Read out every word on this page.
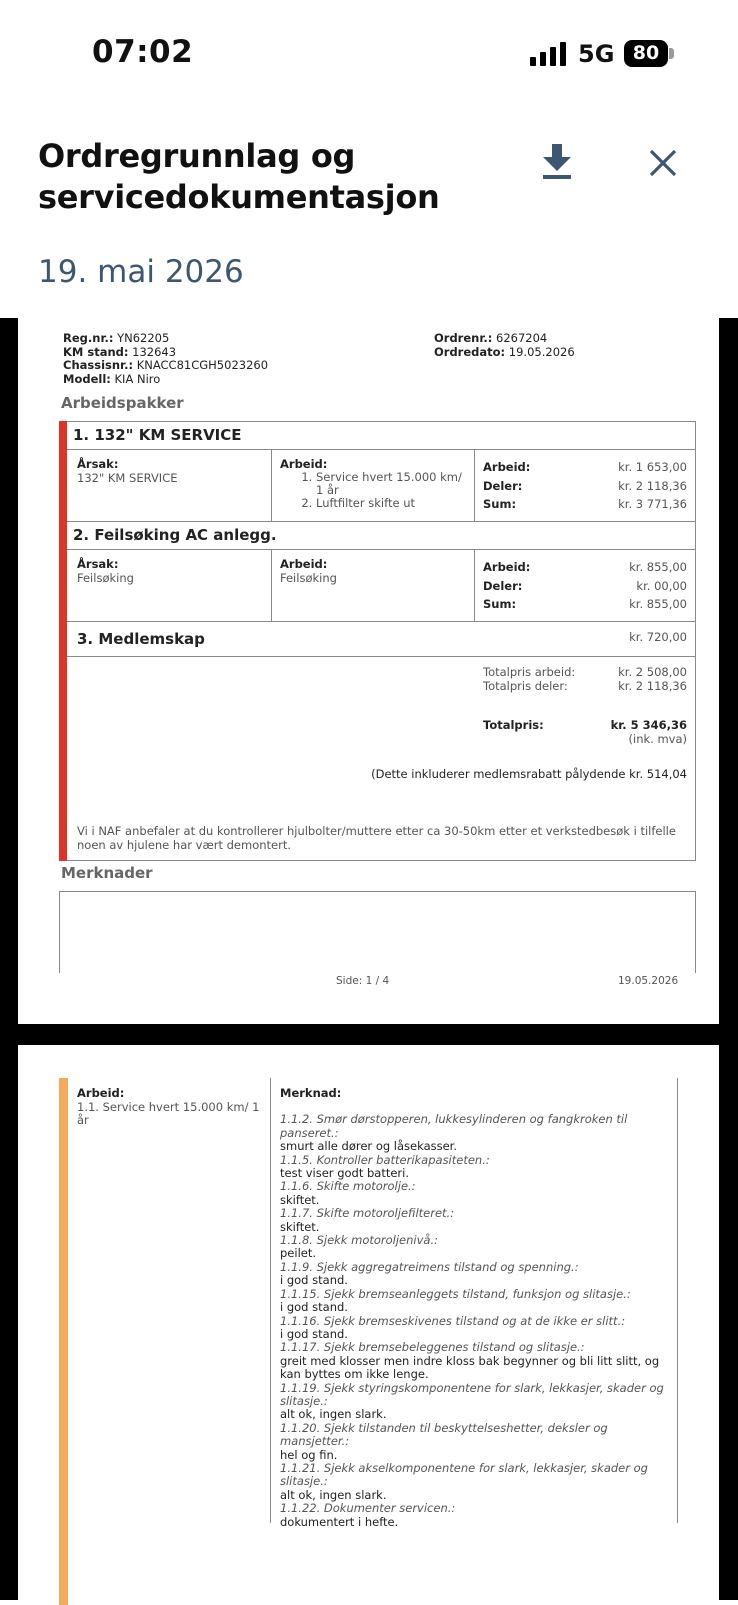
07:02	5G 80
Ordregrunnlag og servicedokumentasjon
19. mai 2026
Reg.nr.: YN62205
KM stand: 132643
Chassisnr.: KNACC81CGH5023260
Modell: KIA Niro
Ordrenr.: 6267204
Ordredato: 19.05.2026
Arbeidspakker
1. 132" KM SERVICE
Årsak:
132" KM SERVICE
Arbeid:
1. Service hvert 15.000 km/ 1 år
2. Luftfilter skifte ut
Arbeid:	kr. 1 653,00
Deler:	kr. 2 118,36
Sum:	kr. 3 771,36
2. Feilsøking AC anlegg.
Årsak:
Feilsøking
Arbeid:
Feilsøking
Arbeid:	kr. 855,00
Deler:	kr. 00,00
Sum:	kr. 855,00
3. Medlemskap	kr. 720,00
Totalpris arbeid:	kr. 2 508,00
Totalpris deler:	kr. 2 118,36
Totalpris:	kr. 5 346,36
(ink. mva)
(Dette inkluderer medlemsrabatt pålydende kr. 514,04
Vi i NAF anbefaler at du kontrollerer hjulbolter/muttere etter ca 30-50km etter et verkstedbesøk i tilfelle noen av hjulene har vært demontert.
Merknader
Side: 1 / 4	19.05.2026
Arbeid:
1.1. Service hvert 15.000 km/ 1 år
Merknad:
1.1.2. Smør dørstopperen, lukkesylinderen og fangkroken til panseret.:
smurt alle dører og låsekasser.
1.1.5. Kontroller batterikapasiteten.:
test viser godt batteri.
1.1.6. Skifte motorolje.:
skiftet.
1.1.7. Skifte motoroljefilteret.:
skiftet.
1.1.8. Sjekk motoroljenivå.:
peilet.
1.1.9. Sjekk aggregatreimens tilstand og spenning.:
i god stand.
1.1.15. Sjekk bremseanleggets tilstand, funksjon og slitasje.:
i god stand.
1.1.16. Sjekk bremseskivenes tilstand og at de ikke er slitt.:
i god stand.
1.1.17. Sjekk bremsebeleggenes tilstand og slitasje.:
greit med klosser men indre kloss bak begynner og bli litt slitt, og kan byttes om ikke lenge.
1.1.19. Sjekk styringskomponentene for slark, lekkasjer, skader og slitasje.:
alt ok, ingen slark.
1.1.20. Sjekk tilstanden til beskyttelseshetter, deksler og mansjetter.:
hel og fin.
1.1.21. Sjekk akselkomponentene for slark, lekkasjer, skader og slitasje.:
alt ok, ingen slark.
1.1.22. Dokumenter servicen.:
dokumentert i hefte.
